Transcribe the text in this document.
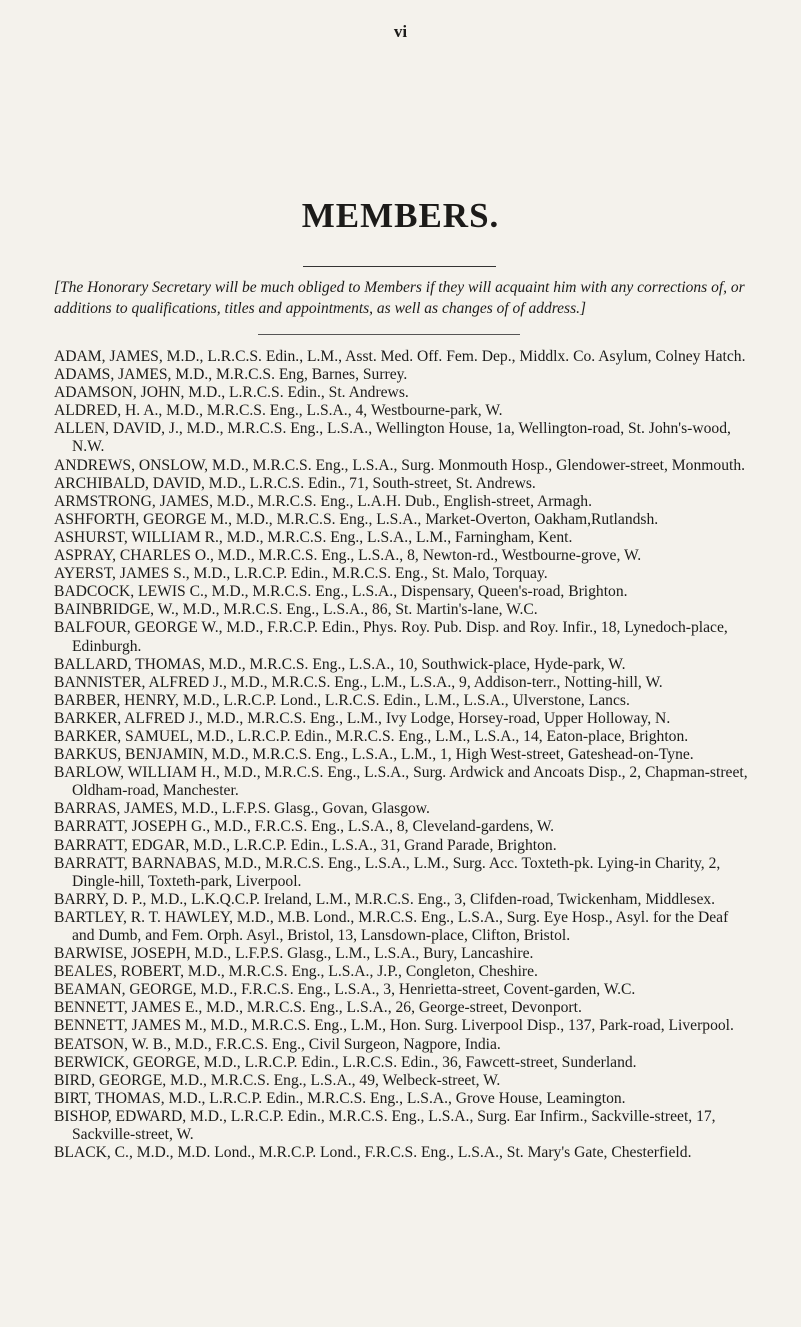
vi
MEMBERS.
[The Honorary Secretary will be much obliged to Members if they will acquaint him with any corrections of, or additions to qualifications, titles and appointments, as well as changes of of address.]
ADAM, JAMES, M.D., L.R.C.S. Edin., L.M., Asst. Med. Off. Fem. Dep., Middlx. Co. Asylum, Colney Hatch.
ADAMS, JAMES, M.D., M.R.C.S. Eng, Barnes, Surrey.
ADAMSON, JOHN, M.D., L.R.C.S. Edin., St. Andrews.
ALDRED, H. A., M.D., M.R.C.S. Eng., L.S.A., 4, Westbourne-park, W.
ALLEN, DAVID, J., M.D., M.R.C.S. Eng., L.S.A., Wellington House, 1a, Wellington-road, St. John's-wood, N.W.
ANDREWS, ONSLOW, M.D., M.R.C.S. Eng., L.S.A., Surg. Monmouth Hosp., Glendower-street, Monmouth.
ARCHIBALD, DAVID, M.D., L.R.C.S. Edin., 71, South-street, St. Andrews.
ARMSTRONG, JAMES, M.D., M.R.C.S. Eng., L.A.H. Dub., English-street, Armagh.
ASHFORTH, GEORGE M., M.D., M.R.C.S. Eng., L.S.A., Market-Overton, Oakham,Rutlandsh.
ASHURST, WILLIAM R., M.D., M.R.C.S. Eng., L.S.A., L.M., Farningham, Kent.
ASPRAY, CHARLES O., M.D., M.R.C.S. Eng., L.S.A., 8, Newton-rd., Westbourne-grove, W.
AYERST, JAMES S., M.D., L.R.C.P. Edin., M.R.C.S. Eng., St. Malo, Torquay.
BADCOCK, LEWIS C., M.D., M.R.C.S. Eng., L.S.A., Dispensary, Queen's-road, Brighton.
BAINBRIDGE, W., M.D., M.R.C.S. Eng., L.S.A., 86, St. Martin's-lane, W.C.
BALFOUR, GEORGE W., M.D., F.R.C.P. Edin., Phys. Roy. Pub. Disp. and Roy. Infir., 18, Lynedoch-place, Edinburgh.
BALLARD, THOMAS, M.D., M.R.C.S. Eng., L.S.A., 10, Southwick-place, Hyde-park, W.
BANNISTER, ALFRED J., M.D., M.R.C.S. Eng., L.M., L.S.A., 9, Addison-terr., Notting-hill, W.
BARBER, HENRY, M.D., L.R.C.P. Lond., L.R.C.S. Edin., L.M., L.S.A., Ulverstone, Lancs.
BARKER, ALFRED J., M.D., M.R.C.S. Eng., L.M., Ivy Lodge, Horsey-road, Upper Holloway, N.
BARKER, SAMUEL, M.D., L.R.C.P. Edin., M.R.C.S. Eng., L.M., L.S.A., 14, Eaton-place, Brighton.
BARKUS, BENJAMIN, M.D., M.R.C.S. Eng., L.S.A., L.M., 1, High West-street, Gateshead-on-Tyne.
BARLOW, WILLIAM H., M.D., M.R.C.S. Eng., L.S.A., Surg. Ardwick and Ancoats Disp., 2, Chapman-street, Oldham-road, Manchester.
BARRAS, JAMES, M.D., L.F.P.S. Glasg., Govan, Glasgow.
BARRATT, JOSEPH G., M.D., F.R.C.S. Eng., L.S.A., 8, Cleveland-gardens, W.
BARRATT, EDGAR, M.D., L.R.C.P. Edin., L.S.A., 31, Grand Parade, Brighton.
BARRATT, BARNABAS, M.D., M.R.C.S. Eng., L.S.A., L.M., Surg. Acc. Toxteth-pk. Lying-in Charity, 2, Dingle-hill, Toxteth-park, Liverpool.
BARRY, D. P., M.D., L.K.Q.C.P. Ireland, L.M., M.R.C.S. Eng., 3, Clifden-road, Twickenham, Middlesex.
BARTLEY, R. T. HAWLEY, M.D., M.B. Lond., M.R.C.S. Eng., L.S.A., Surg. Eye Hosp., Asyl. for the Deaf and Dumb, and Fem. Orph. Asyl., Bristol, 13, Lansdown-place, Clifton, Bristol.
BARWISE, JOSEPH, M.D., L.F.P.S. Glasg., L.M., L.S.A., Bury, Lancashire.
BEALES, ROBERT, M.D., M.R.C.S. Eng., L.S.A., J.P., Congleton, Cheshire.
BEAMAN, GEORGE, M.D., F.R.C.S. Eng., L.S.A., 3, Henrietta-street, Covent-garden, W.C.
BENNETT, JAMES E., M.D., M.R.C.S. Eng., L.S.A., 26, George-street, Devonport.
BENNETT, JAMES M., M.D., M.R.C.S. Eng., L.M., Hon. Surg. Liverpool Disp., 137, Park-road, Liverpool.
BEATSON, W. B., M.D., F.R.C.S. Eng., Civil Surgeon, Nagpore, India.
BERWICK, GEORGE, M.D., L.R.C.P. Edin., L.R.C.S. Edin., 36, Fawcett-street, Sunderland.
BIRD, GEORGE, M.D., M.R.C.S. Eng., L.S.A., 49, Welbeck-street, W.
BIRT, THOMAS, M.D., L.R.C.P. Edin., M.R.C.S. Eng., L.S.A., Grove House, Leamington.
BISHOP, EDWARD, M.D., L.R.C.P. Edin., M.R.C.S. Eng., L.S.A., Surg. Ear Infirm., Sackville-street, 17, Sackville-street, W.
BLACK, C., M.D., M.D. Lond., M.R.C.P. Lond., F.R.C.S. Eng., L.S.A., St. Mary's Gate, Chesterfield.
